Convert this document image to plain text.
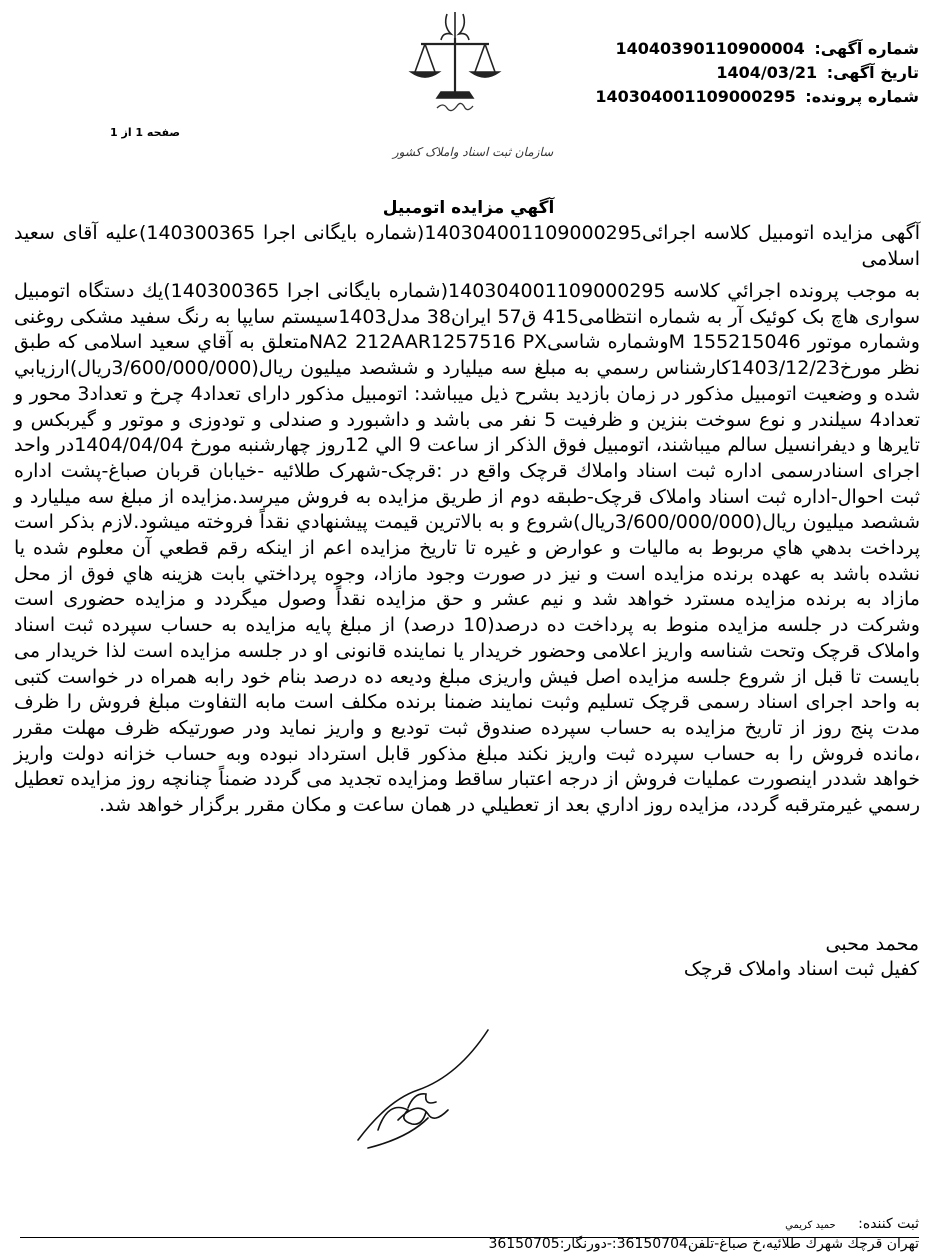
شماره آگهی: 14040390110900004
تاریخ آگهی: 1404/03/21
شماره پرونده: 140304001109000295
صفحه 1 از 1
سازمان ثبت اسناد واملاک کشور
آگهي مزايده اتومبيل
آگهی مزایده اتومبیل کلاسه اجرائی140304001109000295(شماره بایگانی اجرا 140300365)علیه آقای سعید اسلامی
به موجب پرونده اجرائي كلاسه 140304001109000295(شماره بايگانی اجرا 140300365)يك دستگاه اتومبیل سواری هاچ بک کوئیک آر به شماره انتظامی415 ق57 ایران38 مدل1403سیستم سایپا به رنگ سفید مشکی روغنی وشماره موتور 155215046 Mوشماره شاسیNA2 212AAR1257516 PXمتعلق به آقاي سعید اسلامی که طبق نظر مورخ1403/12/23کارشناس رسمي به مبلغ سه ميليارد و ششصد میلیون ريال(3/600/000/000ريال)ارزيابي شده و وضعيت اتومبيل مذكور در زمان بازدید بشرح ذيل ميباشد: اتومبیل مذکور دارای تعداد4 چرخ و تعداد3 محور و تعداد4 سیلندر و نوع سوخت بنزین و ظرفیت 5 نفر می باشد و داشبورد و صندلی و تودوزی و موتور و گیربکس و تایرها و دیفرانسیل سالم میباشند، اتومبيل فوق الذكر از ساعت 9 الي 12روز چهارشنبه مورخ 1404/04/04در واحد اجرای اسنادرسمی اداره ثبت اسناد واملاك قرچک واقع در :قرچک-شهرک طلائیه -خیابان قربان صباغ-پشت اداره ثبت احوال-اداره ثبت اسناد واملاک قرچک-طبقه دوم از طريق مزايده به فروش ميرسد.مزايده از مبلغ سه ميليارد و ششصد میلیون ريال(3/600/000/000ريال)شروع و به بالاترين قيمت پيشنهادي نقداً فروخته ميشود.لازم بذكر است پرداخت بدهي هاي مربوط به ماليات و عوارض و غيره تا تاريخ مزايده اعم از اينكه رقم قطعي آن معلوم شده يا نشده باشد به عهده برنده مزايده است و نيز در صورت وجود مازاد، وجوه پرداختي بابت هزينه هاي فوق از محل مازاد به برنده مزايده مسترد خواهد شد و نيم عشر و حق مزايده نقداً وصول ميگردد و مزایده حضوری است وشرکت در جلسه مزایده منوط به پرداخت ده درصد(10 درصد) از مبلغ پایه مزایده به حساب سپرده ثبت اسناد واملاک قرچک وتحت شناسه واریز اعلامی وحضور خریدار یا نماینده قانونی او در جلسه مزایده است لذا خریدار می بایست تا قبل از شروع جلسه مزایده اصل فیش واریزی مبلغ ودیعه ده درصد بنام خود رابه همراه در خواست کتبی به واحد اجرای اسناد رسمی قرچک تسلیم وثبت نمایند ضمنا برنده مکلف است مابه التفاوت مبلغ فروش را ظرف مدت پنج روز از تاریخ مزایده به حساب سپرده صندوق ثبت تودیع و واریز نماید ودر صورتیکه ظرف مهلت مقرر ،مانده فروش را به حساب سپرده ثبت واریز نکند مبلغ مذکور قابل استرداد نبوده وبه حساب خزانه دولت واریز خواهد شددر اینصورت عملیات فروش از درجه اعتبار ساقط ومزایده تجدید می گردد ضمناً چنانچه روز مزايده تعطيل رسمي غيرمترقبه گردد، مزايده روز اداري بعد از تعطيلي در همان ساعت و مكان مقرر برگزار خواهد شد.
محمد محبی
کفیل ثبت اسناد واملاک قرچک
ثبت کننده: حميد كريمي
تهران قرچك شهرك طلائيه،خ صباغ-تلفن36150704:-دورنگار:36150705
